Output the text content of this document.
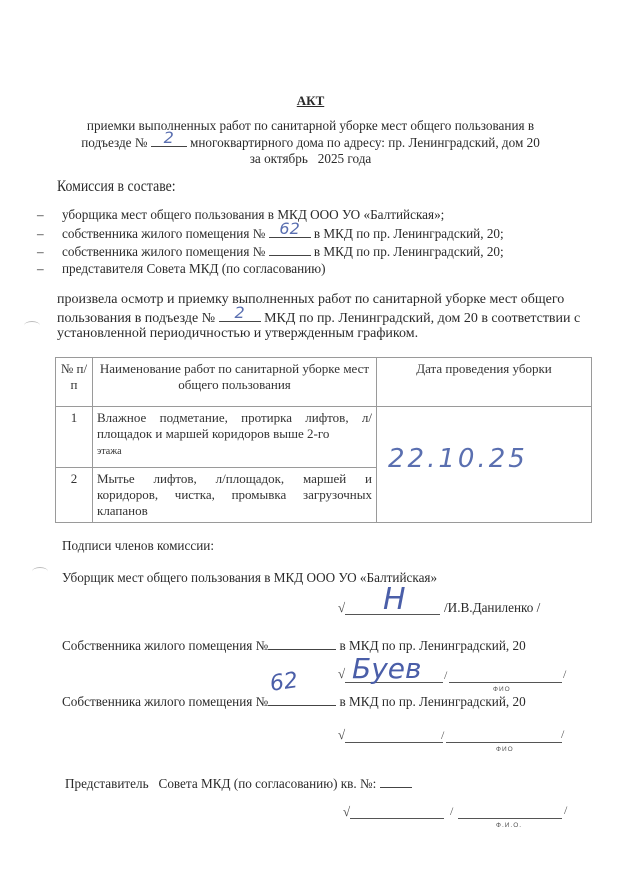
АКТ
приемки выполненных работ по санитарной уборке мест общего пользования в
подъезде №	2	многоквартирного дома по адресу: пр. Ленинградский, дом 20
за октябрь   2025 года
Комиссия в составе:
– уборщика мест общего пользования в МКД ООО УО «Балтийская»;
– собственника жилого помещения № 62	в МКД по пр. Ленинградский, 20;
– собственника жилого помещения №	в МКД по пр. Ленинградский, 20;
– представителя Совета МКД (по согласованию)
произвела осмотр и приемку выполненных работ по санитарной уборке мест общего
пользования в подъезде №	2	МКД по пр. Ленинградский, дом 20 в соответствии с
установленной периодичностью и утвержденным графиком.
№ п/п	Наименование работ по санитарной уборке мест общего пользования	Дата проведения уборки
1	Влажное подметание, протирка лифтов, л/площадок и маршей коридоров выше 2-го
этажа	
2	Мытье лифтов, л/площадок, маршей и коридоров, чистка, промывка загрузочных клапанов	
22.10.25
Подписи членов комиссии:
Уборщик мест общего пользования в МКД ООО УО «Балтийская»
√ Н	/И.В.Даниленко /
Собственника жилого помещения №	в МКД по пр. Ленинградский, 20
62	√ Буев /	/
ФИО
Собственника жилого помещения №	в МКД по пр. Ленинградский, 20
√	/	/
ФИО
Представитель   Совета МКД (по согласованию) кв. №:
√	/	/
Ф.И.О.
